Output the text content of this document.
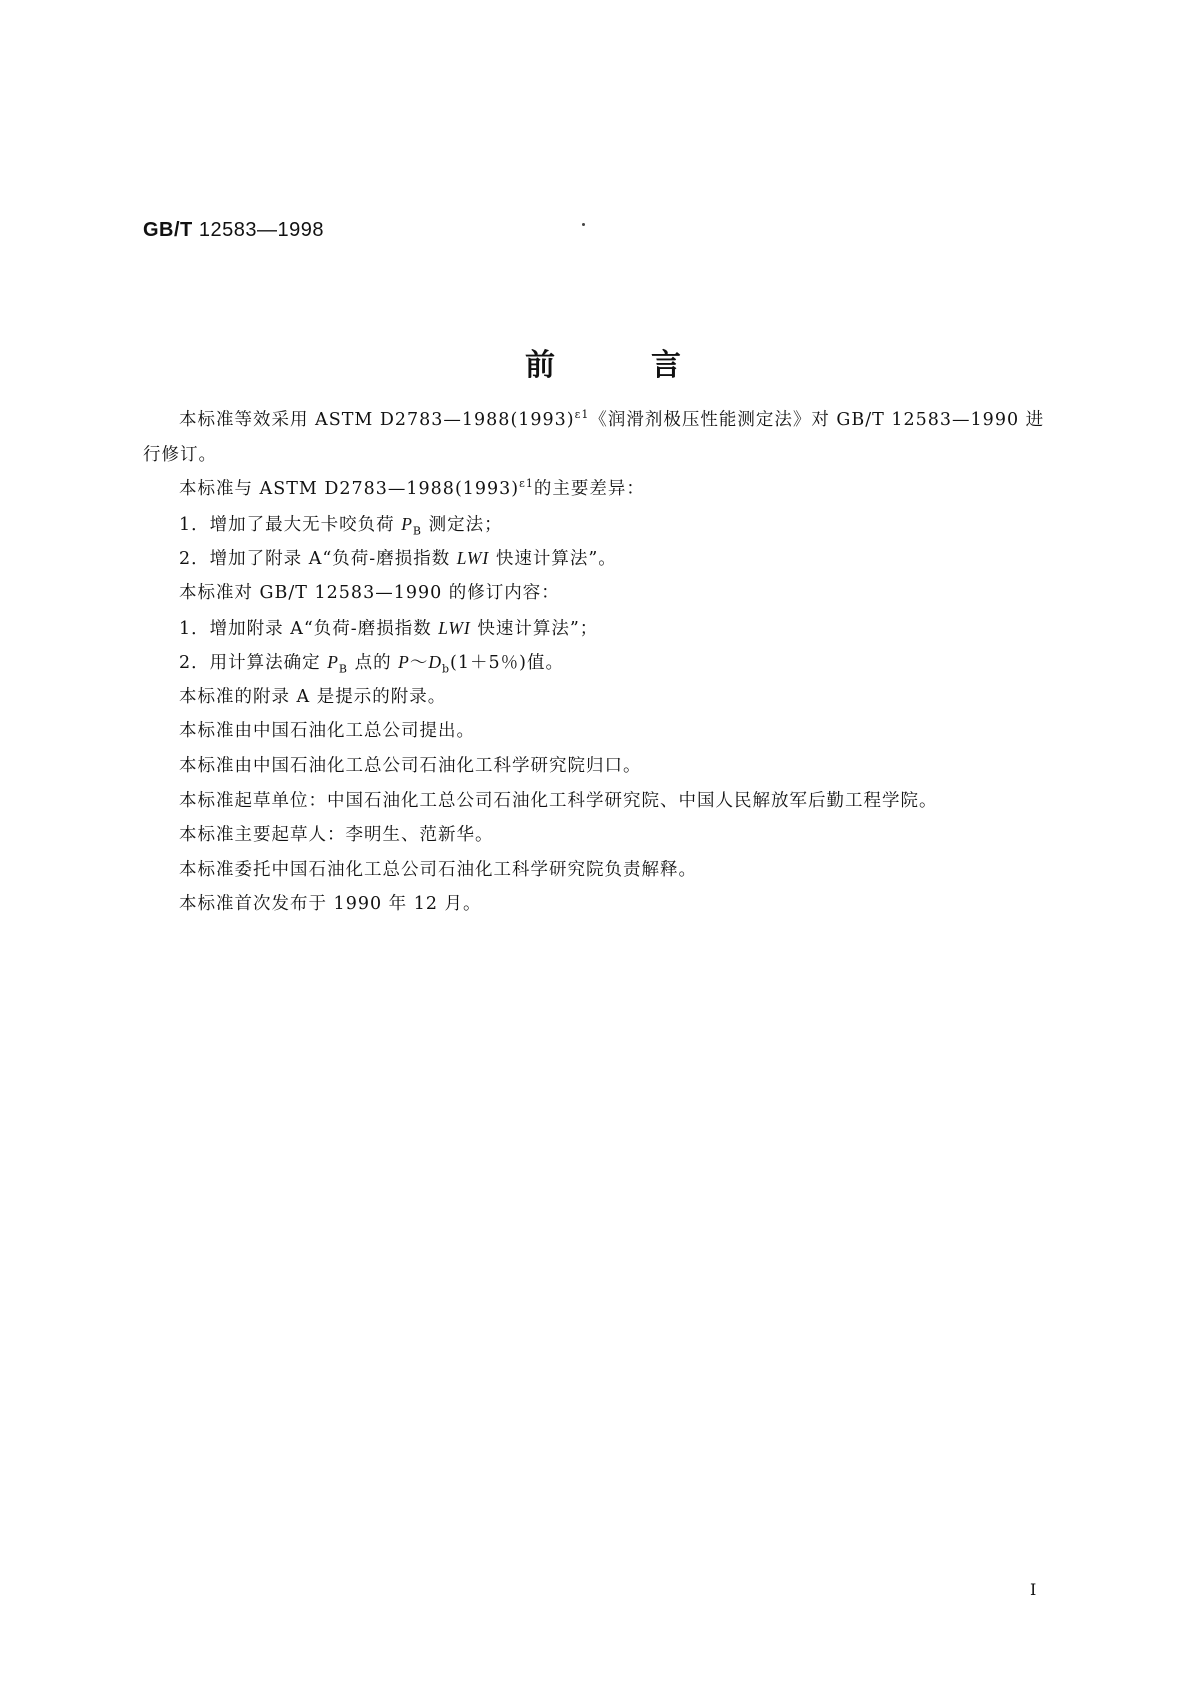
GB/T 12583—1998
前言
本标准等效采用 ASTM $D2783—1988(1993)^{\varepsilon 1}$《润滑剂极压性能测定法》对 GB/T 12583—1990 进
行修订。
本标准与 ASTM $D2783—1988(1993)^{\varepsilon 1}$的主要差异：
1．增加了最大无卡咬负荷 $P_B$ 测定法；
2．增加了附录 A“负荷-磨损指数 LWI 快速计算法”。
本标准对 GB/T 12583—1990 的修订内容：
1．增加附录 A“负荷-磨损指数 LWI 快速计算法”；
2．用计算法确定 $P_B$ 点的 $P\sim D_b(1+5$％)值。
本标准的附录 A 是提示的附录。
本标准由中国石油化工总公司提出。
本标准由中国石油化工总公司石油化工科学研究院归口。
本标准起草单位：中国石油化工总公司石油化工科学研究院、中国人民解放军后勤工程学院。
本标准主要起草人：李明生、范新华。
本标准委托中国石油化工总公司石油化工科学研究院负责解释。
本标准首次发布于 1990 年 12 月。
I
